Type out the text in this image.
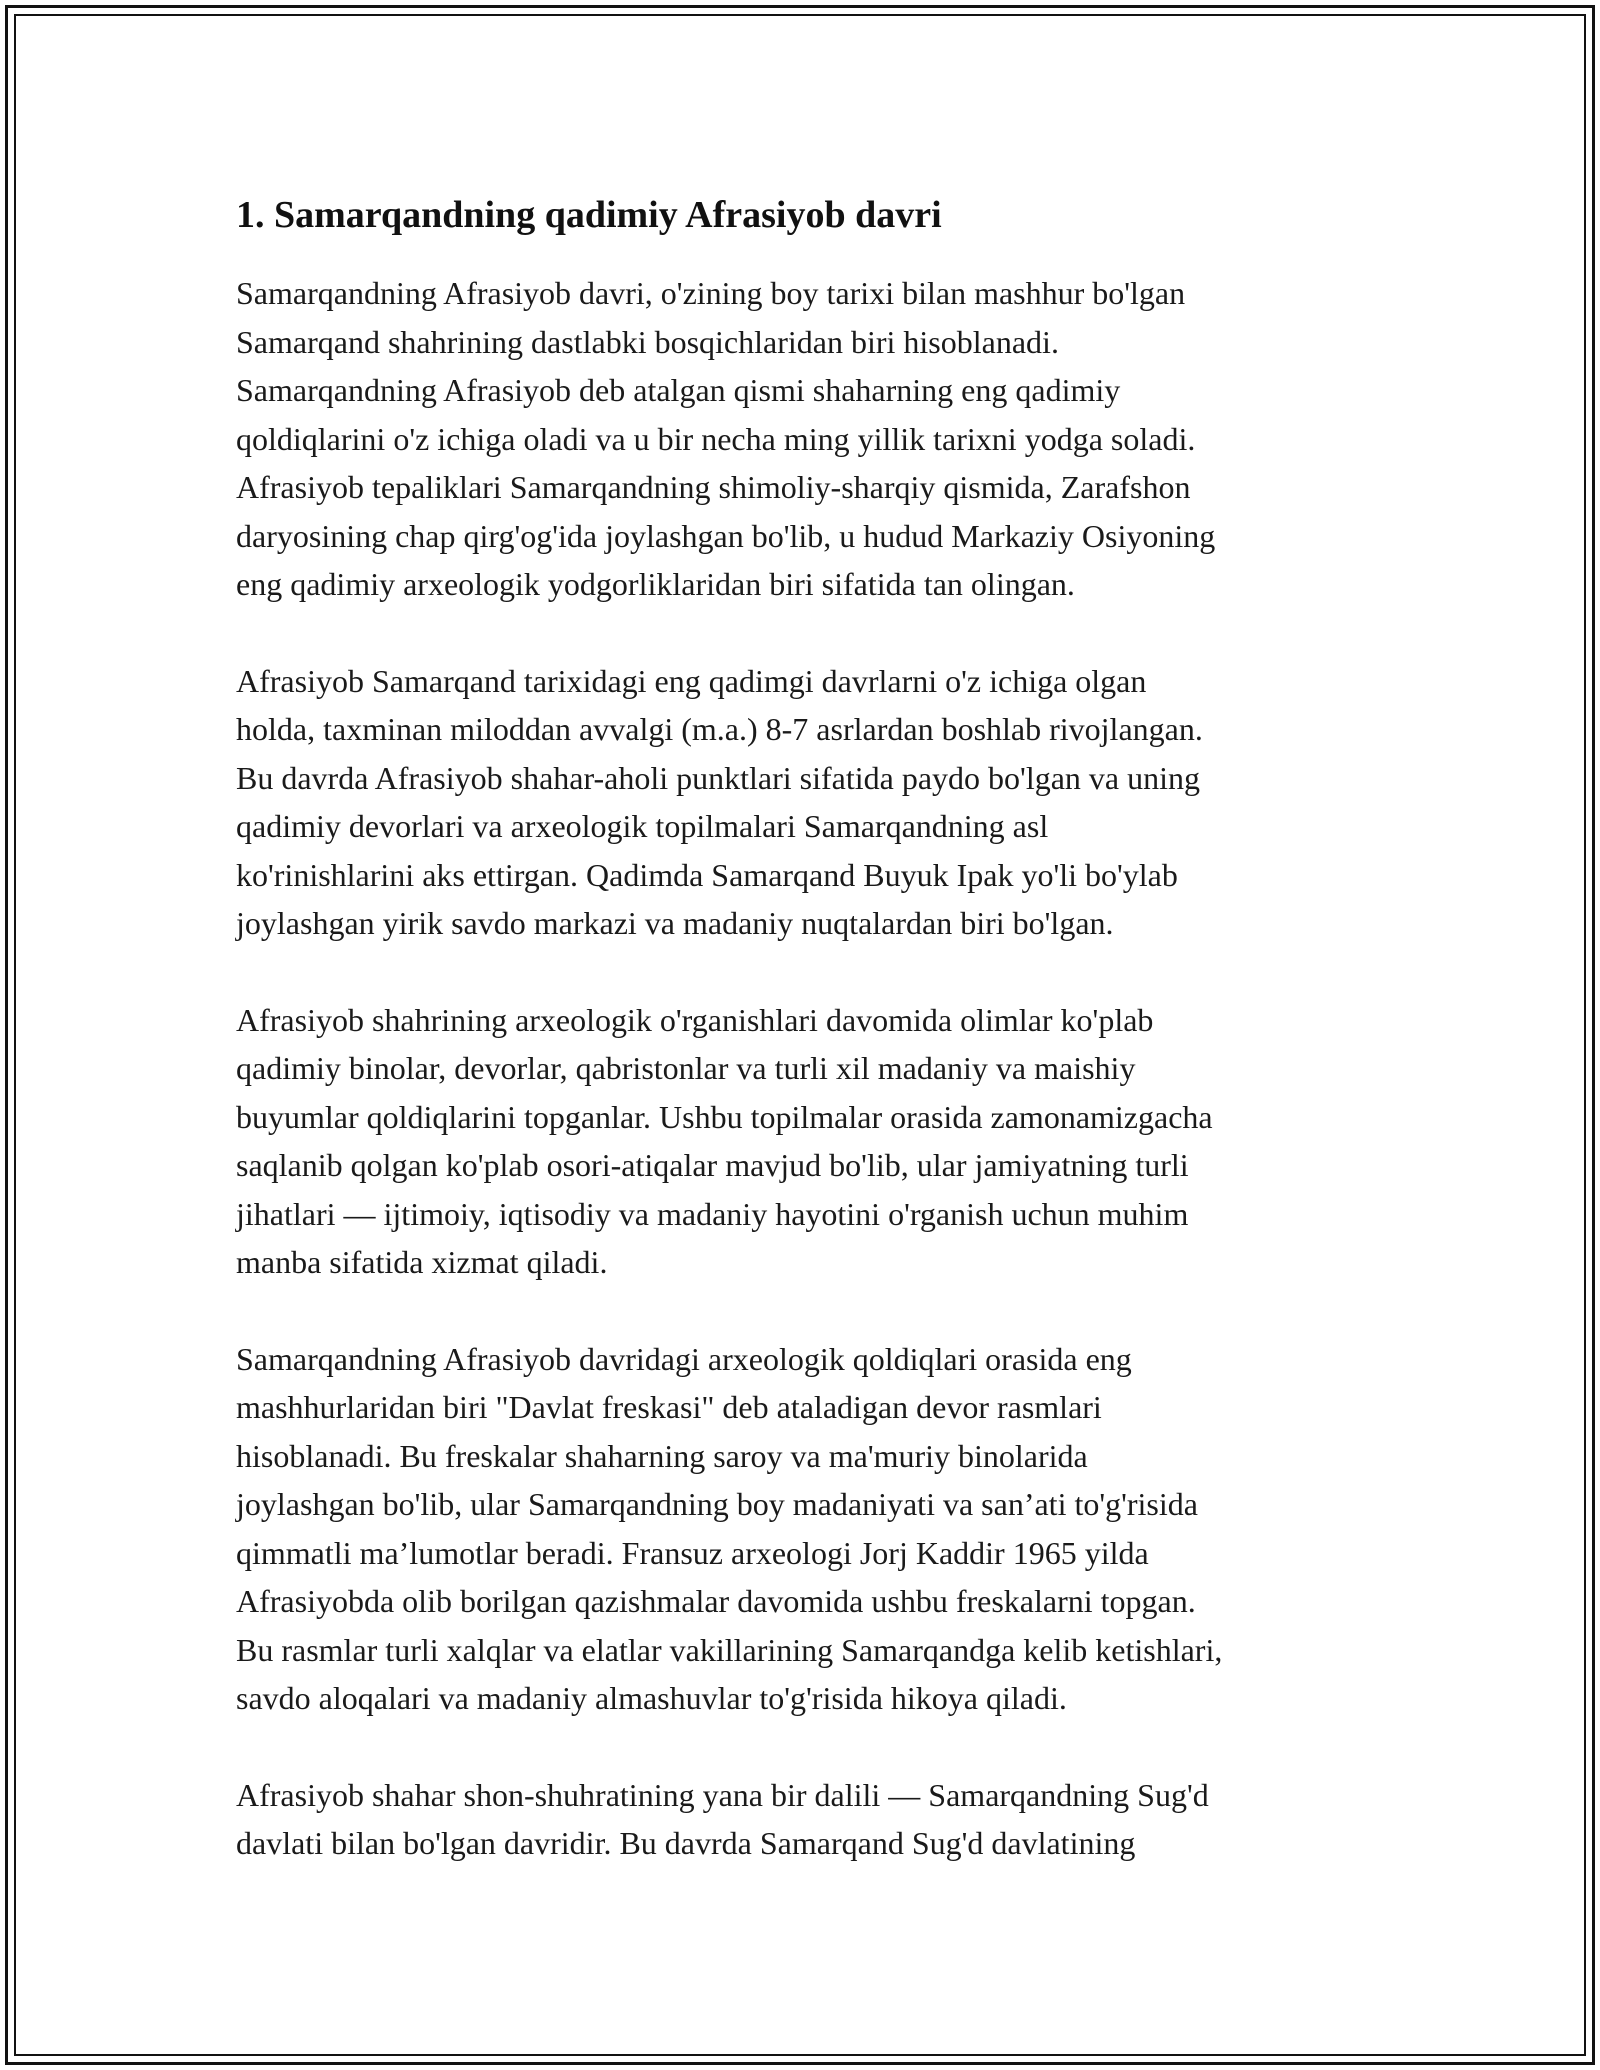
1. Samarqandning qadimiy Afrasiyob davri

Samarqandning Afrasiyob davri, o'zining boy tarixi bilan mashhur bo'lgan
Samarqand shahrining dastlabki bosqichlaridan biri hisoblanadi.
Samarqandning Afrasiyob deb atalgan qismi shaharning eng qadimiy
qoldiqlarini o'z ichiga oladi va u bir necha ming yillik tarixni yodga soladi.
Afrasiyob tepaliklari Samarqandning shimoliy-sharqiy qismida, Zarafshon
daryosining chap qirg'og'ida joylashgan bo'lib, u hudud Markaziy Osiyoning
eng qadimiy arxeologik yodgorliklaridan biri sifatida tan olingan.

Afrasiyob Samarqand tarixidagi eng qadimgi davrlarni o'z ichiga olgan
holda, taxminan miloddan avvalgi (m.a.) 8-7 asrlardan boshlab rivojlangan.
Bu davrda Afrasiyob shahar-aholi punktlari sifatida paydo bo'lgan va uning
qadimiy devorlari va arxeologik topilmalari Samarqandning asl
ko'rinishlarini aks ettirgan. Qadimda Samarqand Buyuk Ipak yo'li bo'ylab
joylashgan yirik savdo markazi va madaniy nuqtalardan biri bo'lgan.

Afrasiyob shahrining arxeologik o'rganishlari davomida olimlar ko'plab
qadimiy binolar, devorlar, qabristonlar va turli xil madaniy va maishiy
buyumlar qoldiqlarini topganlar. Ushbu topilmalar orasida zamonamizgacha
saqlanib qolgan ko'plab osori-atiqalar mavjud bo'lib, ular jamiyatning turli
jihatlari — ijtimoiy, iqtisodiy va madaniy hayotini o'rganish uchun muhim
manba sifatida xizmat qiladi.

Samarqandning Afrasiyob davridagi arxeologik qoldiqlari orasida eng
mashhurlaridan biri "Davlat freskasi" deb ataladigan devor rasmlari
hisoblanadi. Bu freskalar shaharning saroy va ma'muriy binolarida
joylashgan bo'lib, ular Samarqandning boy madaniyati va san’ati to'g'risida
qimmatli ma’lumotlar beradi. Fransuz arxeologi Jorj Kaddir 1965 yilda
Afrasiyobda olib borilgan qazishmalar davomida ushbu freskalarni topgan.
Bu rasmlar turli xalqlar va elatlar vakillarining Samarqandga kelib ketishlari,
savdo aloqalari va madaniy almashuvlar to'g'risida hikoya qiladi.

Afrasiyob shahar shon-shuhratining yana bir dalili — Samarqandning Sug'd
davlati bilan bo'lgan davridir. Bu davrda Samarqand Sug'd davlatining
